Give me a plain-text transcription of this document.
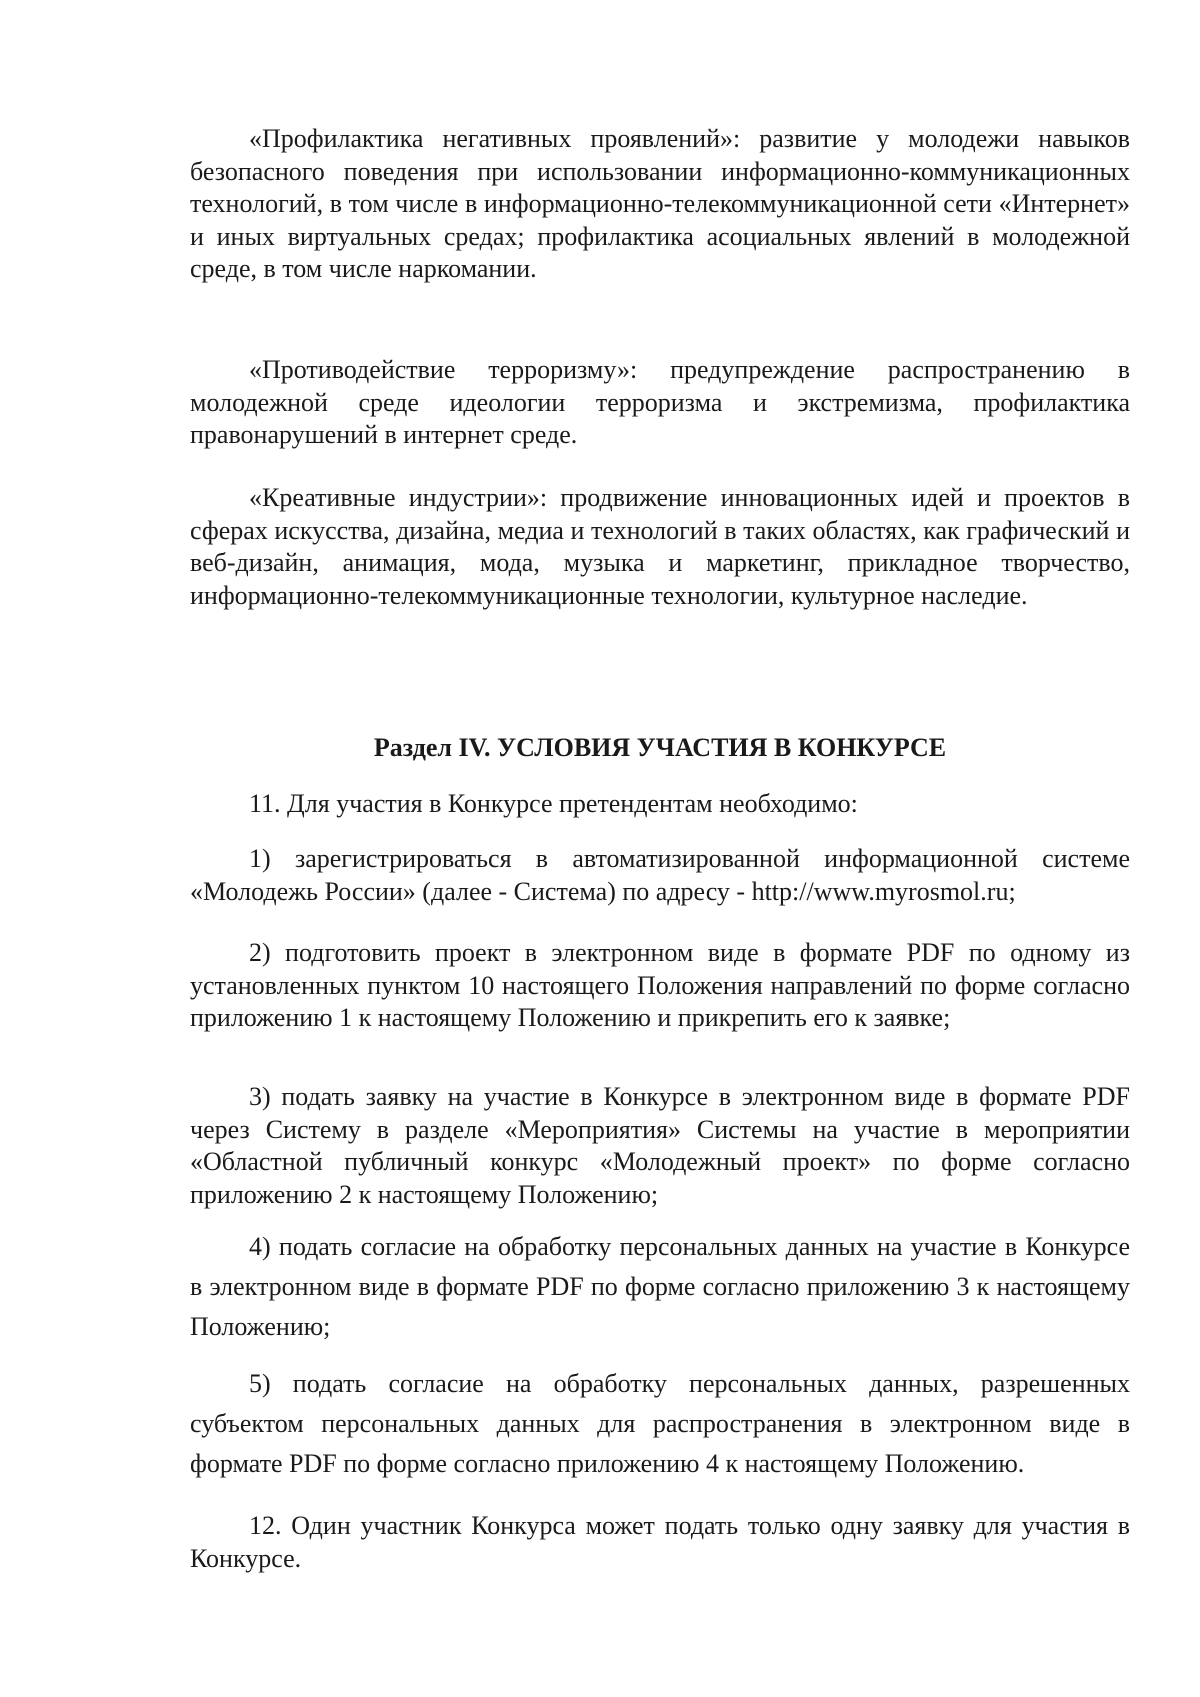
«Профилактика негативных проявлений»: развитие у молодежи навыков безопасного поведения при использовании информационно-коммуникационных технологий, в том числе в информационно-телекоммуникационной сети «Интернет» и иных виртуальных средах; профилактика асоциальных явлений в молодежной среде, в том числе наркомании.

«Противодействие терроризму»: предупреждение распространению в молодежной среде идеологии терроризма и экстремизма, профилактика правонарушений в интернет среде.

«Креативные индустрии»: продвижение инновационных идей и проектов в сферах искусства, дизайна, медиа и технологий в таких областях, как графический и веб-дизайн, анимация, мода, музыка и маркетинг, прикладное творчество, информационно-телекоммуникационные технологии, культурное наследие.

Раздел IV. УСЛОВИЯ УЧАСТИЯ В КОНКУРСЕ

11. Для участия в Конкурсе претендентам необходимо:

1) зарегистрироваться в автоматизированной информационной системе «Молодежь России» (далее - Система) по адресу - http://www.myrosmol.ru;

2) подготовить проект в электронном виде в формате PDF по одному из установленных пунктом 10 настоящего Положения направлений по форме согласно приложению 1 к настоящему Положению и прикрепить его к заявке;

3) подать заявку на участие в Конкурсе в электронном виде в формате PDF через Систему в разделе «Мероприятия» Системы на участие в мероприятии «Областной публичный конкурс «Молодежный проект» по форме согласно приложению 2 к настоящему Положению;

4) подать согласие на обработку персональных данных на участие в Конкурсе в электронном виде в формате PDF по форме согласно приложению 3 к настоящему Положению;

5) подать согласие на обработку персональных данных, разрешенных субъектом персональных данных для распространения в электронном виде в формате PDF по форме согласно приложению 4 к настоящему Положению.

12. Один участник Конкурса может подать только одну заявку для участия в Конкурсе.
